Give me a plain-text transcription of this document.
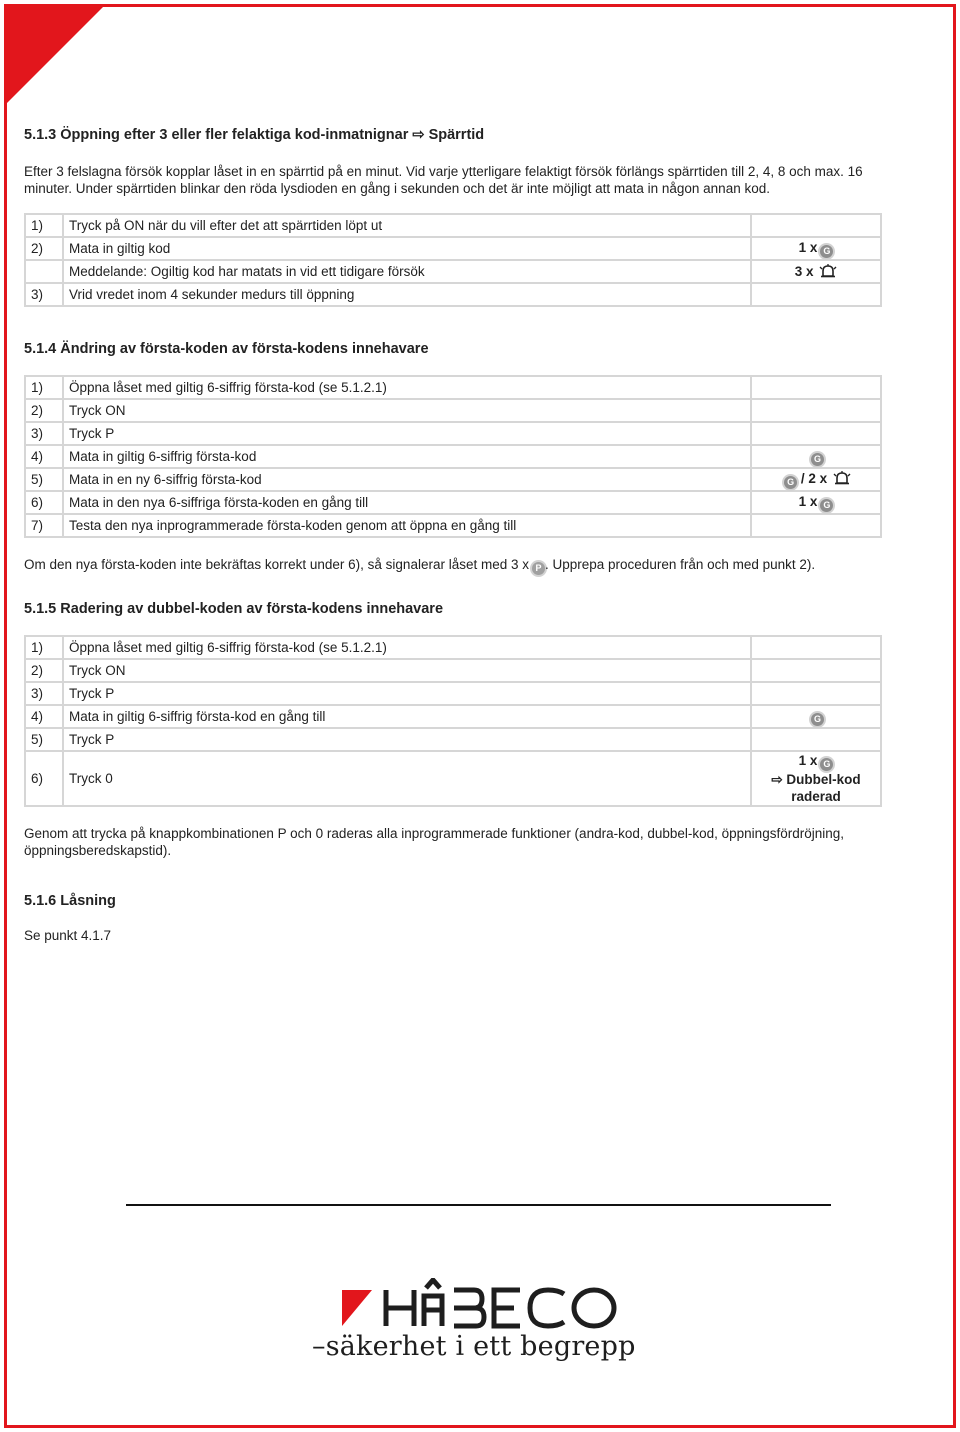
5.1.3 Öppning efter 3 eller fler felaktiga kod-inmatnignar ⇨ Spärrtid

Efter 3 felslagna försök kopplar låset in en spärrtid på en minut. Vid varje ytterligare felaktigt försök förlängs spärrtiden till 2, 4, 8 och max. 16 minuter. Under spärrtiden blinkar den röda lysdioden en gång i sekunden och det är inte möjligt att mata in någon annan kod.

1)	Tryck på ON när du vill efter det att spärrtiden löpt ut	
2)	Mata in giltig kod	1 x G
	Meddelande: Ogiltig kod har matats in vid ett tidigare försök	3 x
3)	Vrid vredet inom 4 sekunder medurs till öppning	
5.1.4 Ändring av första-koden av första-kodens innehavare
1)	Öppna låset med giltig 6-siffrig första-kod (se 5.1.2.1)	
2)	Tryck ON	
3)	Tryck P	
4)	Mata in giltig 6-siffrig första-kod	G
5)	Mata in en ny 6-siffrig första-kod	G / 2 x
6)	Mata in den nya 6-siffriga första-koden en gång till	1 x G
7)	Testa den nya inprogrammerade första-koden genom att öppna en gång till	

Om den nya första-koden inte bekräftas korrekt under 6), så signalerar låset med 3 x P . Upprepa proceduren från och med punkt 2).

5.1.5 Radering av dubbel-koden av första-kodens innehavare
1)	Öppna låset med giltig 6-siffrig första-kod (se 5.1.2.1)	
2)	Tryck ON	
3)	Tryck P	
4)	Mata in giltig 6-siffrig första-kod en gång till	G
5)	Tryck P	
6)	Tryck 0	1 x G
⇨ Dubbel-kod
raderad

Genom att trycka på knappkombinationen P och 0 raderas alla inprogrammerade funktioner (andra-kod, dubbel-kod, öppningsfördröjning, öppningsberedskapstid).

5.1.6 Låsning

Se punkt 4.1.7

–säkerhet i ett begrepp
